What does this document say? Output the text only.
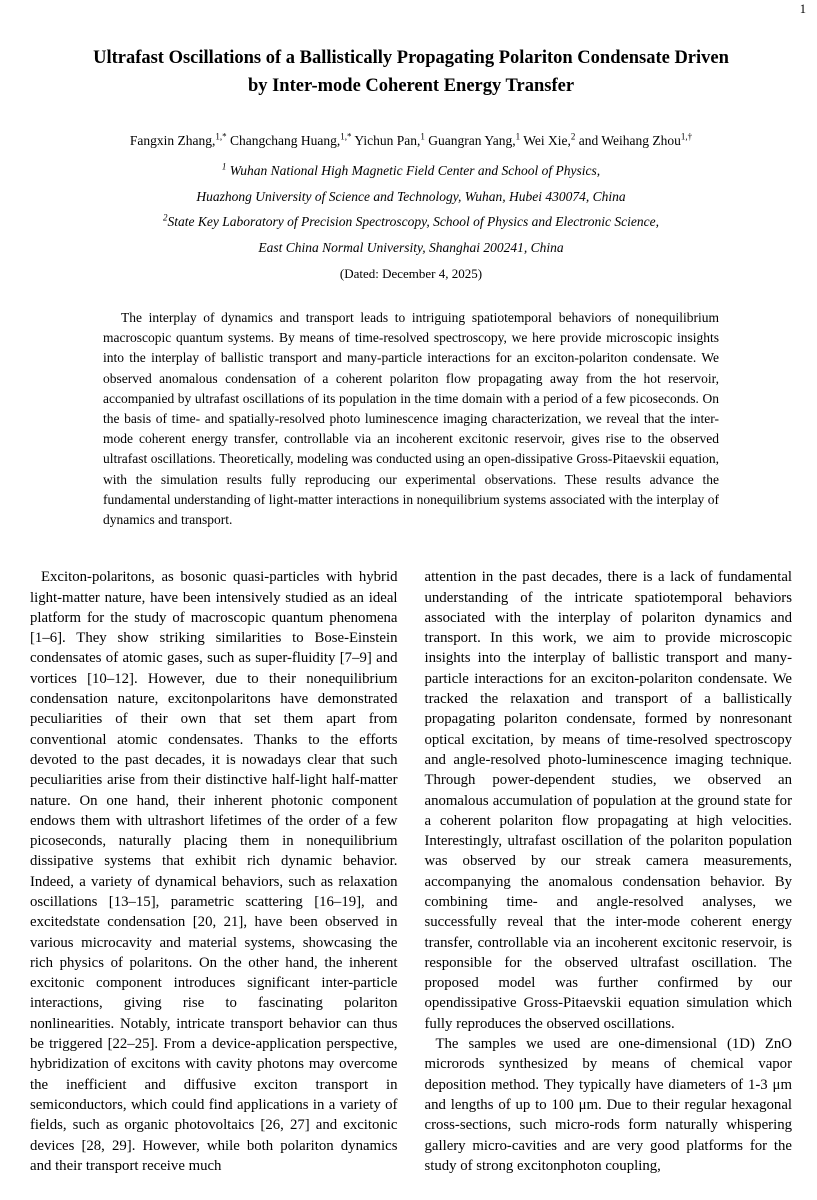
1
Ultrafast Oscillations of a Ballistically Propagating Polariton Condensate Driven
by Inter-mode Coherent Energy Transfer
Fangxin Zhang,$^{1,*}$ Changchang Huang,$^{1,*}$ Yichun Pan,$^1$ Guangran Yang,$^1$ Wei Xie,$^2$ and Weihang Zhou$^{1,\dagger}$
$^1$ Wuhan National High Magnetic Field Center and School of Physics,
Huazhong University of Science and Technology, Wuhan, Hubei 430074, China
$^2$State Key Laboratory of Precision Spectroscopy, School of Physics and Electronic Science,
East China Normal University, Shanghai 200241, China
(Dated: December 4, 2025)

The interplay of dynamics and transport leads to intriguing spatiotemporal behaviors of nonequilibrium macroscopic quantum systems. By means of time-resolved spectroscopy, we here provide microscopic insights into the interplay of ballistic transport and many-particle interactions for an exciton-polariton condensate. We observed anomalous condensation of a coherent polariton flow propagating away from the hot reservoir, accompanied by ultrafast oscillations of its population in the time domain with a period of a few picoseconds. On the basis of time- and spatially-resolved photo luminescence imaging characterization, we reveal that the inter-mode coherent energy transfer, controllable via an incoherent excitonic reservoir, gives rise to the observed ultrafast oscillations. Theoretically, modeling was conducted using an open-dissipative Gross-Pitaevskii equation, with the simulation results fully reproducing our experimental observations. These results advance the fundamental understanding of light-matter interactions in nonequilibrium systems associated with the interplay of dynamics and transport.

Exciton-polaritons, as bosonic quasi-particles with hybrid light-matter nature, have been intensively studied as an ideal platform for the study of macroscopic quantum phenomena [1–6]. They show striking similarities to Bose-Einstein condensates of atomic gases, such as super-fluidity [7–9] and vortices [10–12]. However, due to their nonequilibrium condensation nature, excitonpolaritons have demonstrated peculiarities of their own that set them apart from conventional atomic condensates. Thanks to the efforts devoted to the past decades, it is nowadays clear that such peculiarities arise from their distinctive half-light half-matter nature. On one hand, their inherent photonic component endows them with ultrashort lifetimes of the order of a few picoseconds, naturally placing them in nonequilibrium dissipative systems that exhibit rich dynamic behavior. Indeed, a variety of dynamical behaviors, such as relaxation oscillations [13–15], parametric scattering [16–19], and excitedstate condensation [20, 21], have been observed in various microcavity and material systems, showcasing the rich physics of polaritons. On the other hand, the inherent excitonic component introduces significant inter-particle interactions, giving rise to fascinating polariton nonlinearities. Notably, intricate transport behavior can thus be triggered [22–25]. From a device-application perspective, hybridization of excitons with cavity photons may overcome the inefficient and diffusive exciton transport in semiconductors, which could find applications in a variety of fields, such as organic photovoltaics [26, 27] and excitonic devices [28, 29]. However, while both polariton dynamics and their transport receive much

attention in the past decades, there is a lack of fundamental understanding of the intricate spatiotemporal behaviors associated with the interplay of polariton dynamics and transport. In this work, we aim to provide microscopic insights into the interplay of ballistic transport and many-particle interactions for an exciton-polariton condensate. We tracked the relaxation and transport of a ballistically propagating polariton condensate, formed by nonresonant optical excitation, by means of time-resolved spectroscopy and angle-resolved photo-luminescence imaging technique. Through power-dependent studies, we observed an anomalous accumulation of population at the ground state for a coherent polariton flow propagating at high velocities. Interestingly, ultrafast oscillation of the polariton population was observed by our streak camera measurements, accompanying the anomalous condensation behavior. By combining time- and angle-resolved analyses, we successfully reveal that the inter-mode coherent energy transfer, controllable via an incoherent excitonic reservoir, is responsible for the observed ultrafast oscillation. The proposed model was further confirmed by our opendissipative Gross-Pitaevskii equation simulation which fully reproduces the observed oscillations.

The samples we used are one-dimensional (1D) ZnO microrods synthesized by means of chemical vapor deposition method. They typically have diameters of 1-3 μm and lengths of up to 100 μm. Due to their regular hexagonal cross-sections, such micro-rods form naturally whispering gallery micro-cavities and are very good platforms for the study of strong excitonphoton coupling,
